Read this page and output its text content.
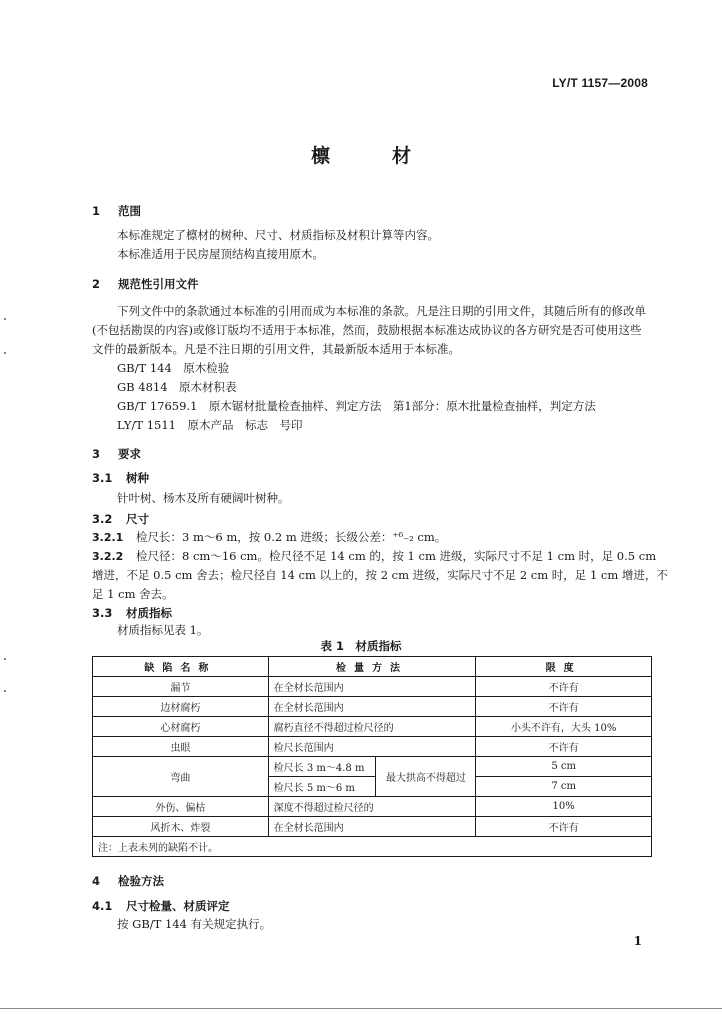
LY/T 1157—2008
檩材
1 范围
本标准规定了檩材的树种、尺寸、材质指标及材积计算等内容。
本标准适用于民房屋顶结构直接用原木。
2 规范性引用文件
下列文件中的条款通过本标准的引用而成为本标准的条款。凡是注日期的引用文件，其随后所有的修改单(不包括勘误的内容)或修订版均不适用于本标准，然而，鼓励根据本标准达成协议的各方研究是否可使用这些文件的最新版本。凡是不注日期的引用文件，其最新版本适用于本标准。
GB/T 144　原木检验
GB 4814　原木材积表
GB/T 17659.1　原木锯材批量检查抽样、判定方法　第1部分：原木批量检查抽样，判定方法
LY/T 1511　原木产品　标志　号印
3 要求
3.1 树种
针叶树、杨木及所有硬阔叶树种。
3.2 尺寸
3.2.1 检尺长：3 m～6 m，按 0.2 m 进级；长级公差：⁺⁶₋₂ cm。
3.2.2 检尺径：8 cm～16 cm。检尺径不足 14 cm 的，按 1 cm 进级，实际尺寸不足 1 cm 时，足 0.5 cm
增进，不足 0.5 cm 舍去；检尺径自 14 cm 以上的，按 2 cm 进级，实际尺寸不足 2 cm 时，足 1 cm 增进，不
足 1 cm 舍去。
3.3 材质指标
材质指标见表 1。
表 1　材质指标
缺陷名称	检量方法		限度
漏节	在全材长范围内		不许有
边材腐朽	在全材长范围内		不许有
心材腐朽	腐朽直径不得超过检尺径的		小头不许有，大头 10%
虫眼	检尺长范围内		不许有
弯曲	检尺长 3 m～4.8 m	最大拱高不得超过	5 cm
	检尺长 5 m～6 m		7 cm
外伤、偏枯	深度不得超过检尺径的		10%
风折木、炸裂	在全材长范围内		不许有
注：上表未列的缺陷不计。			
4 检验方法
4.1 尺寸检量、材质评定
按 GB/T 144 有关规定执行。
1
